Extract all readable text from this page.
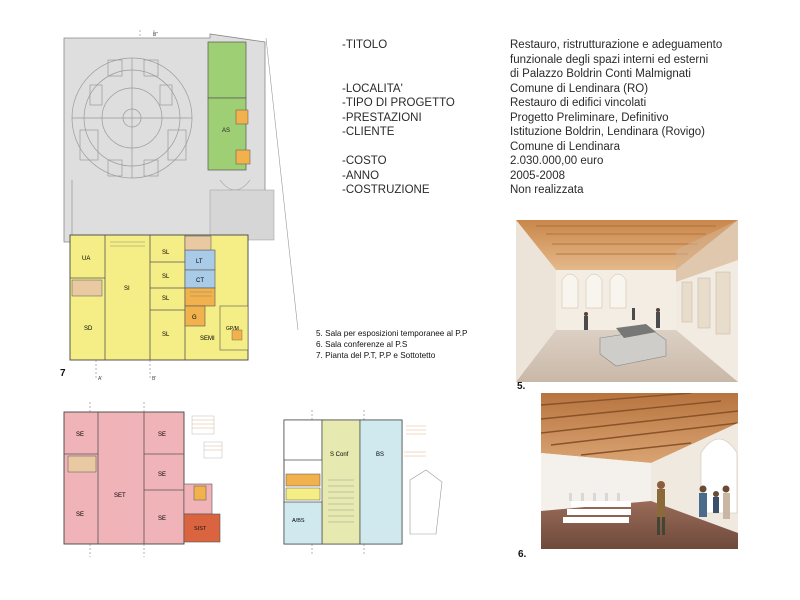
-TITOLO	Restauro, ristrutturazione e adeguamento
funzionale degli spazi interni ed esterni
di Palazzo Boldrin Conti Malmignati
-LOCALITA'	Comune di Lendinara (RO)
-TIPO DI PROGETTO	Restauro di edifici vincolati
-PRESTAZIONI	Progetto Preliminare, Definitivo
-CLIENTE	Istituzione Boldrin, Lendinara (Rovigo)
Comune di Lendinara
-COSTO	2.030.000,00 euro
-ANNO	2005-2008
-COSTRUZIONE	Non realizzata
AS
UA
SI
SL
SL
LT
CT
SL
SD
SL
G
SEMI
GP/M
B''
A'	B'
7
SE	SE
SET
SE
SE
SE
SIST
S Conf	BS
A/BS
5. Sala per esposizioni temporanee al P.P
6. Sala conferenze al P.S
7. Pianta del P.T, P.P e Sottotetto
5.
6.
